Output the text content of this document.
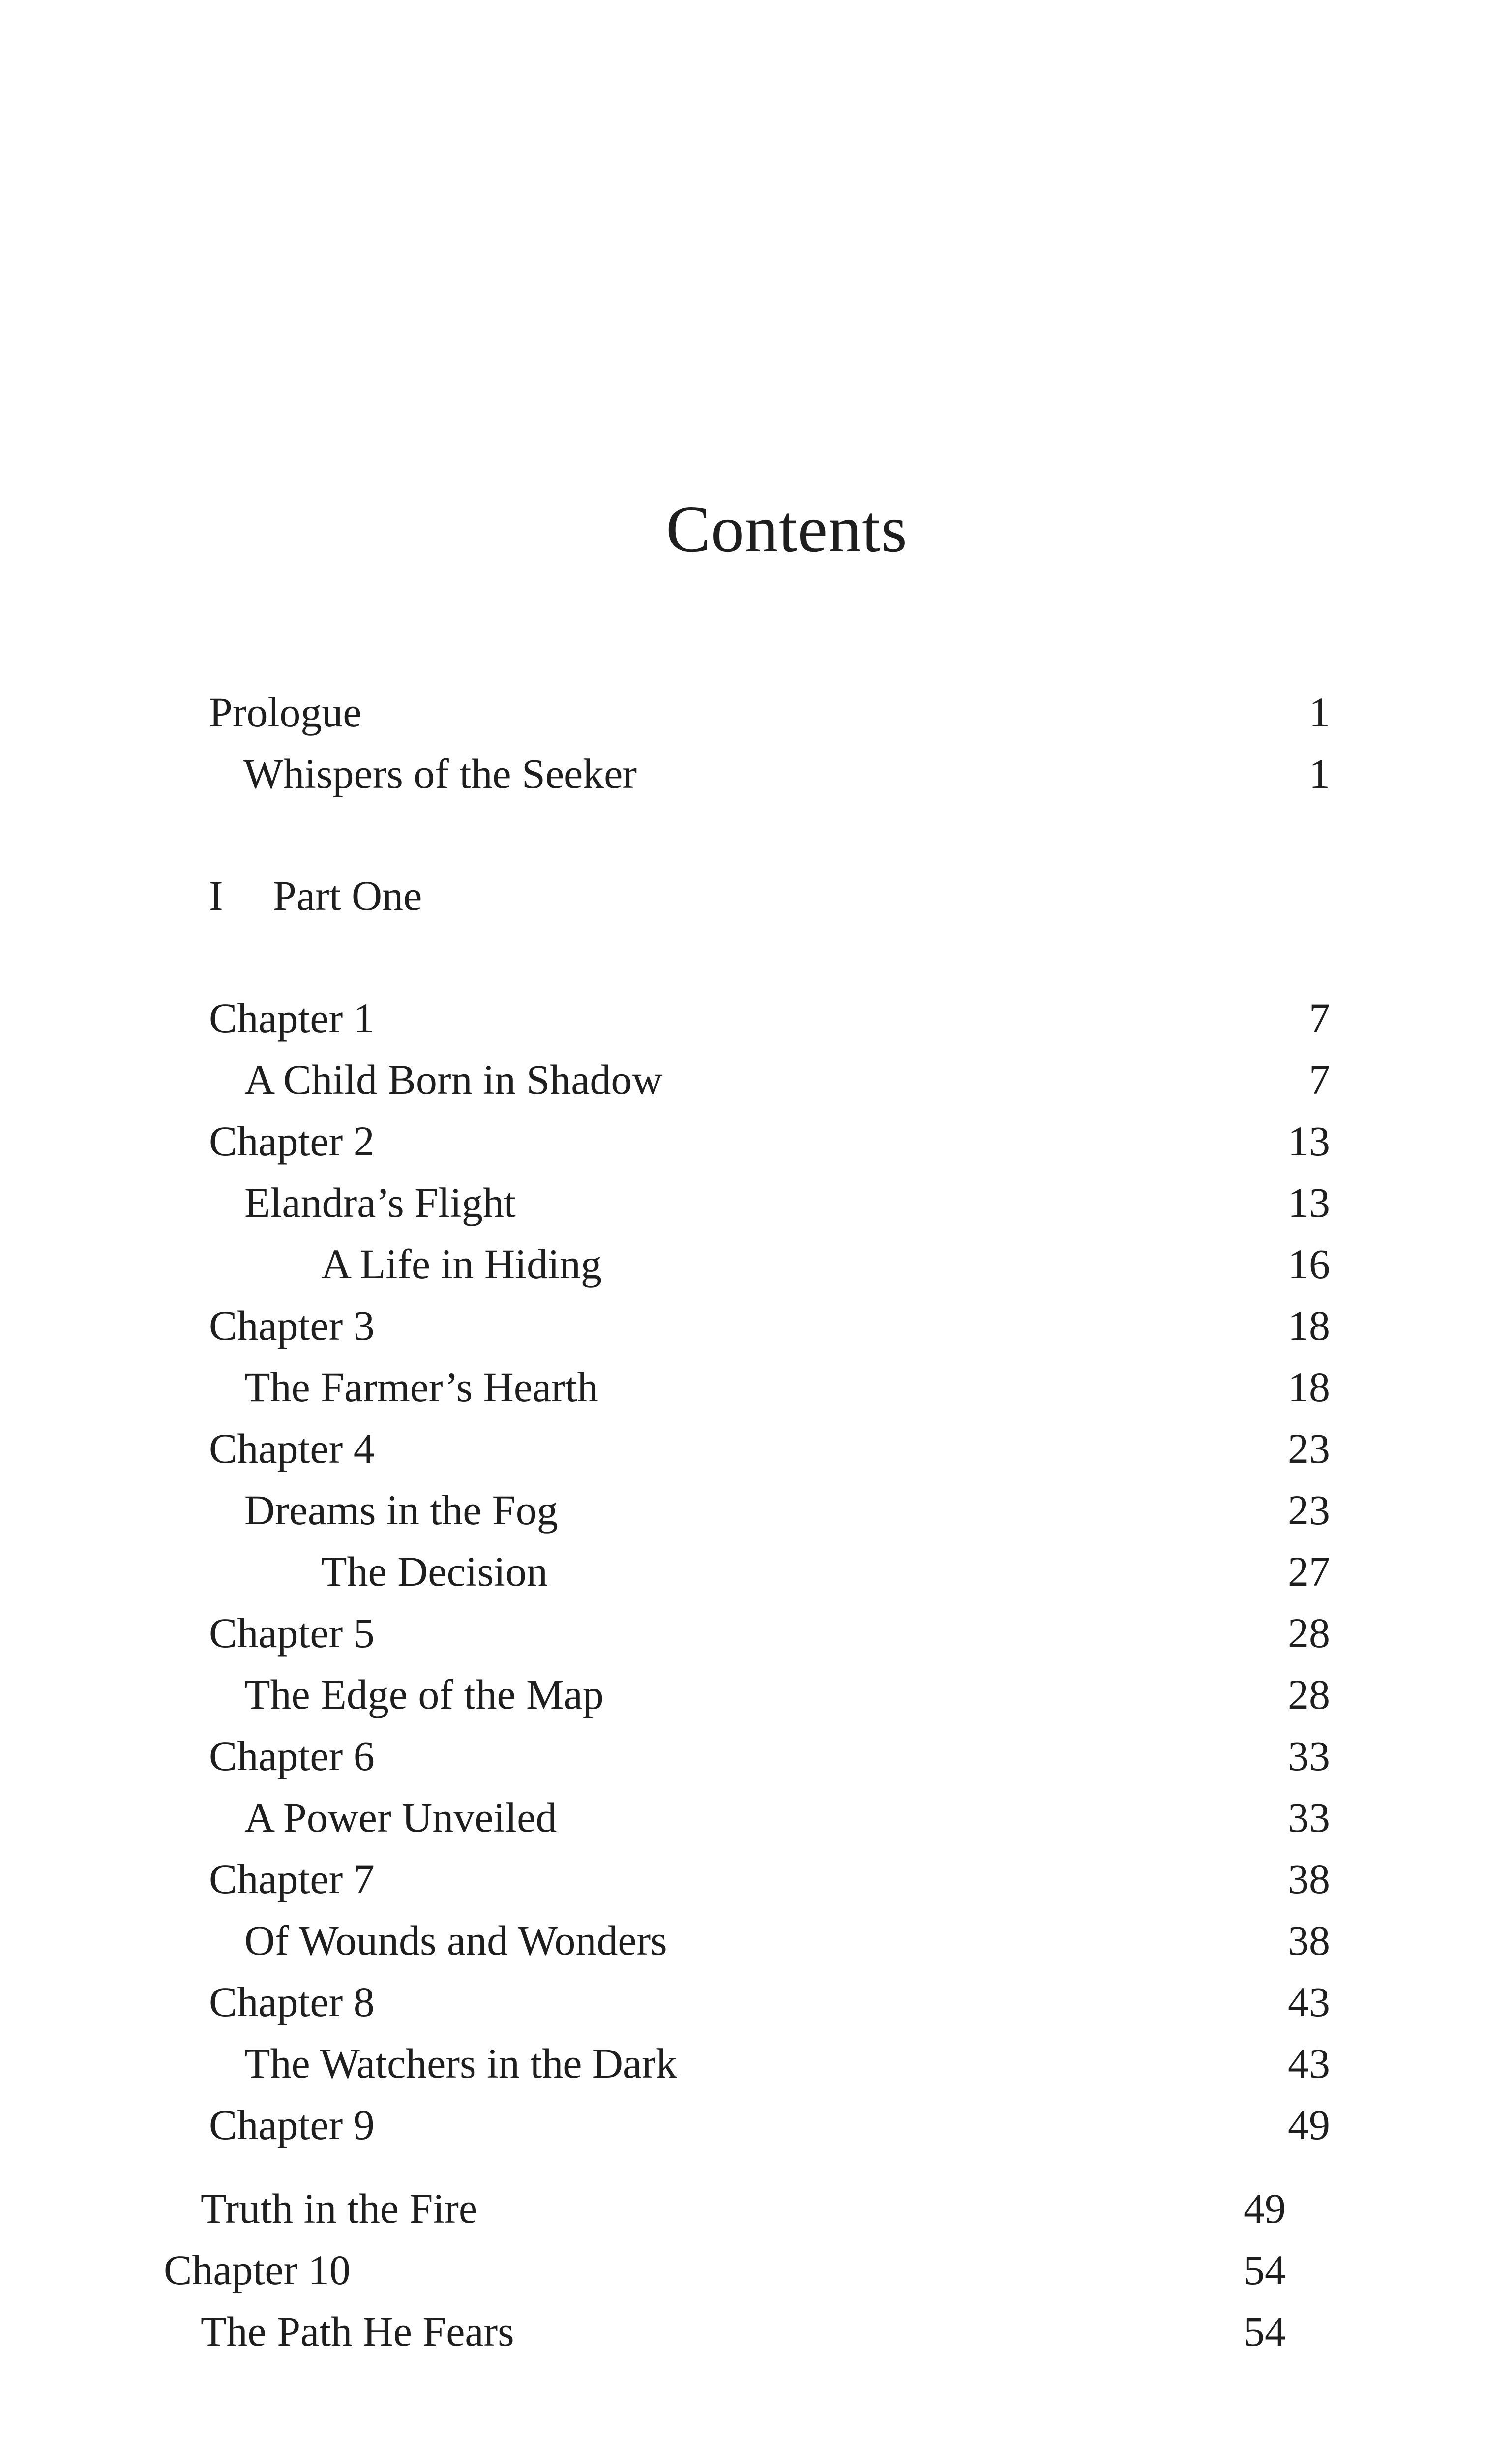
Contents
Prologue	1
Whispers of the Seeker	1
I Part One
Chapter 1	7
A Child Born in Shadow	7
Chapter 2	13
Elandra’s Flight	13
A Life in Hiding	16
Chapter 3	18
The Farmer’s Hearth	18
Chapter 4	23
Dreams in the Fog	23
The Decision	27
Chapter 5	28
The Edge of the Map	28
Chapter 6	33
A Power Unveiled	33
Chapter 7	38
Of Wounds and Wonders	38
Chapter 8	43
The Watchers in the Dark	43
Chapter 9	49
Truth in the Fire	49
Chapter 10	54
The Path He Fears	54
